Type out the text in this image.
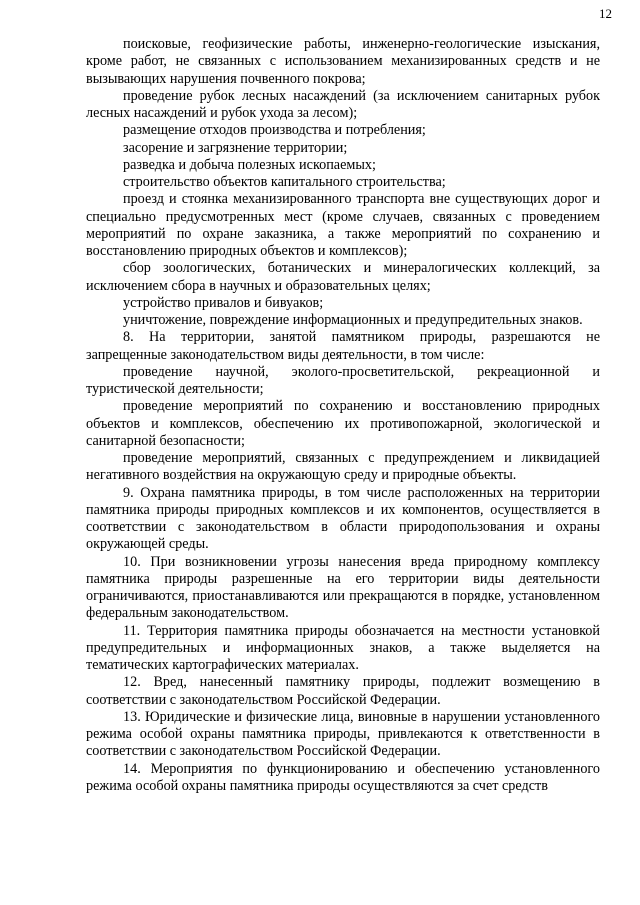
12

поисковые, геофизические работы, инженерно-геологические изыскания, кроме работ, не связанных с использованием механизированных средств и не вызывающих нарушения почвенного покрова;

проведение рубок лесных насаждений (за исключением санитарных рубок лесных насаждений и рубок ухода за лесом);

размещение отходов производства и потребления;

засорение и загрязнение территории;

разведка и добыча полезных ископаемых;

строительство объектов капитального строительства;

проезд и стоянка механизированного транспорта вне существующих дорог и специально предусмотренных мест (кроме случаев, связанных с проведением мероприятий по охране заказника, а также мероприятий по сохранению и восстановлению природных объектов и комплексов);

сбор зоологических, ботанических и минералогических коллекций, за исключением сбора в научных и образовательных целях;

устройство привалов и бивуаков;

уничтожение, повреждение информационных и предупредительных знаков.

8. На территории, занятой памятником природы, разрешаются не запрещенные законодательством виды деятельности, в том числе:

проведение научной, эколого-просветительской, рекреационной и туристической деятельности;

проведение мероприятий по сохранению и восстановлению природных объектов и комплексов, обеспечению их противопожарной, экологической и санитарной безопасности;

проведение мероприятий, связанных с предупреждением и ликвидацией негативного воздействия на окружающую среду и природные объекты.

9. Охрана памятника природы, в том числе расположенных на территории памятника природы природных комплексов и их компонентов, осуществляется в соответствии с законодательством в области природопользования и охраны окружающей среды.

10. При возникновении угрозы нанесения вреда природному комплексу памятника природы разрешенные на его территории виды деятельности ограничиваются, приостанавливаются или прекращаются в порядке, установленном федеральным законодательством.

11. Территория памятника природы обозначается на местности установкой предупредительных и информационных знаков, а также выделяется на тематических картографических материалах.

12. Вред, нанесенный памятнику природы, подлежит возмещению в соответствии с законодательством Российской Федерации.

13. Юридические и физические лица, виновные в нарушении установленного режима особой охраны памятника природы, привлекаются к ответственности в соответствии с законодательством Российской Федерации.

14. Мероприятия по функционированию и обеспечению установленного режима особой охраны памятника природы осуществляются за счет средств
